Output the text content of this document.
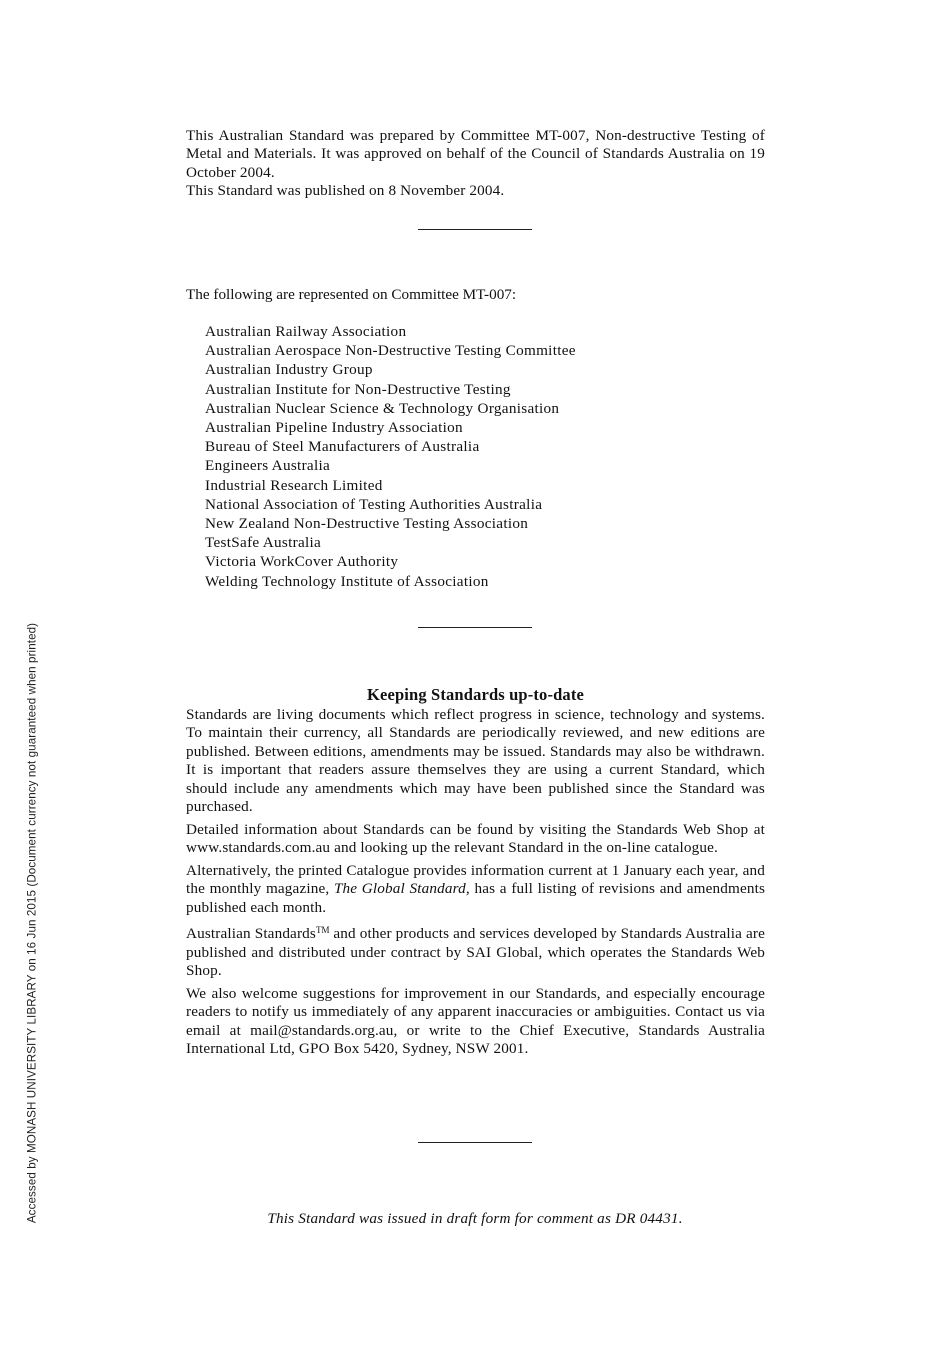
This Australian Standard was prepared by Committee MT-007, Non-destructive Testing of Metal and Materials. It was approved on behalf of the Council of Standards Australia on 19 October 2004.

This Standard was published on 8 November 2004.

The following are represented on Committee MT-007:
Australian Railway Association
Australian Aerospace Non-Destructive Testing Committee
Australian Industry Group
Australian Institute for Non-Destructive Testing
Australian Nuclear Science & Technology Organisation
Australian Pipeline Industry Association
Bureau of Steel Manufacturers of Australia
Engineers Australia
Industrial Research Limited
National Association of Testing Authorities Australia
New Zealand Non-Destructive Testing Association
TestSafe Australia
Victoria WorkCover Authority
Welding Technology Institute of Association
Keeping Standards up-to-date

Standards are living documents which reflect progress in science, technology and systems. To maintain their currency, all Standards are periodically reviewed, and new editions are published. Between editions, amendments may be issued. Standards may also be withdrawn. It is important that readers assure themselves they are using a current Standard, which should include any amendments which may have been published since the Standard was purchased.

Detailed information about Standards can be found by visiting the Standards Web Shop at www.standards.com.au and looking up the relevant Standard in the on-line catalogue.

Alternatively, the printed Catalogue provides information current at 1 January each year, and the monthly magazine, The Global Standard, has a full listing of revisions and amendments published each month.

Australian Standards™ and other products and services developed by Standards Australia are published and distributed under contract by SAI Global, which operates the Standards Web Shop.

We also welcome suggestions for improvement in our Standards, and especially encourage readers to notify us immediately of any apparent inaccuracies or ambiguities. Contact us via email at mail@standards.org.au, or write to the Chief Executive, Standards Australia International Ltd, GPO Box 5420, Sydney, NSW 2001.

This Standard was issued in draft form for comment as DR 04431.
Accessed by MONASH UNIVERSITY LIBRARY on 16 Jun 2015 (Document currency not guaranteed when printed)
